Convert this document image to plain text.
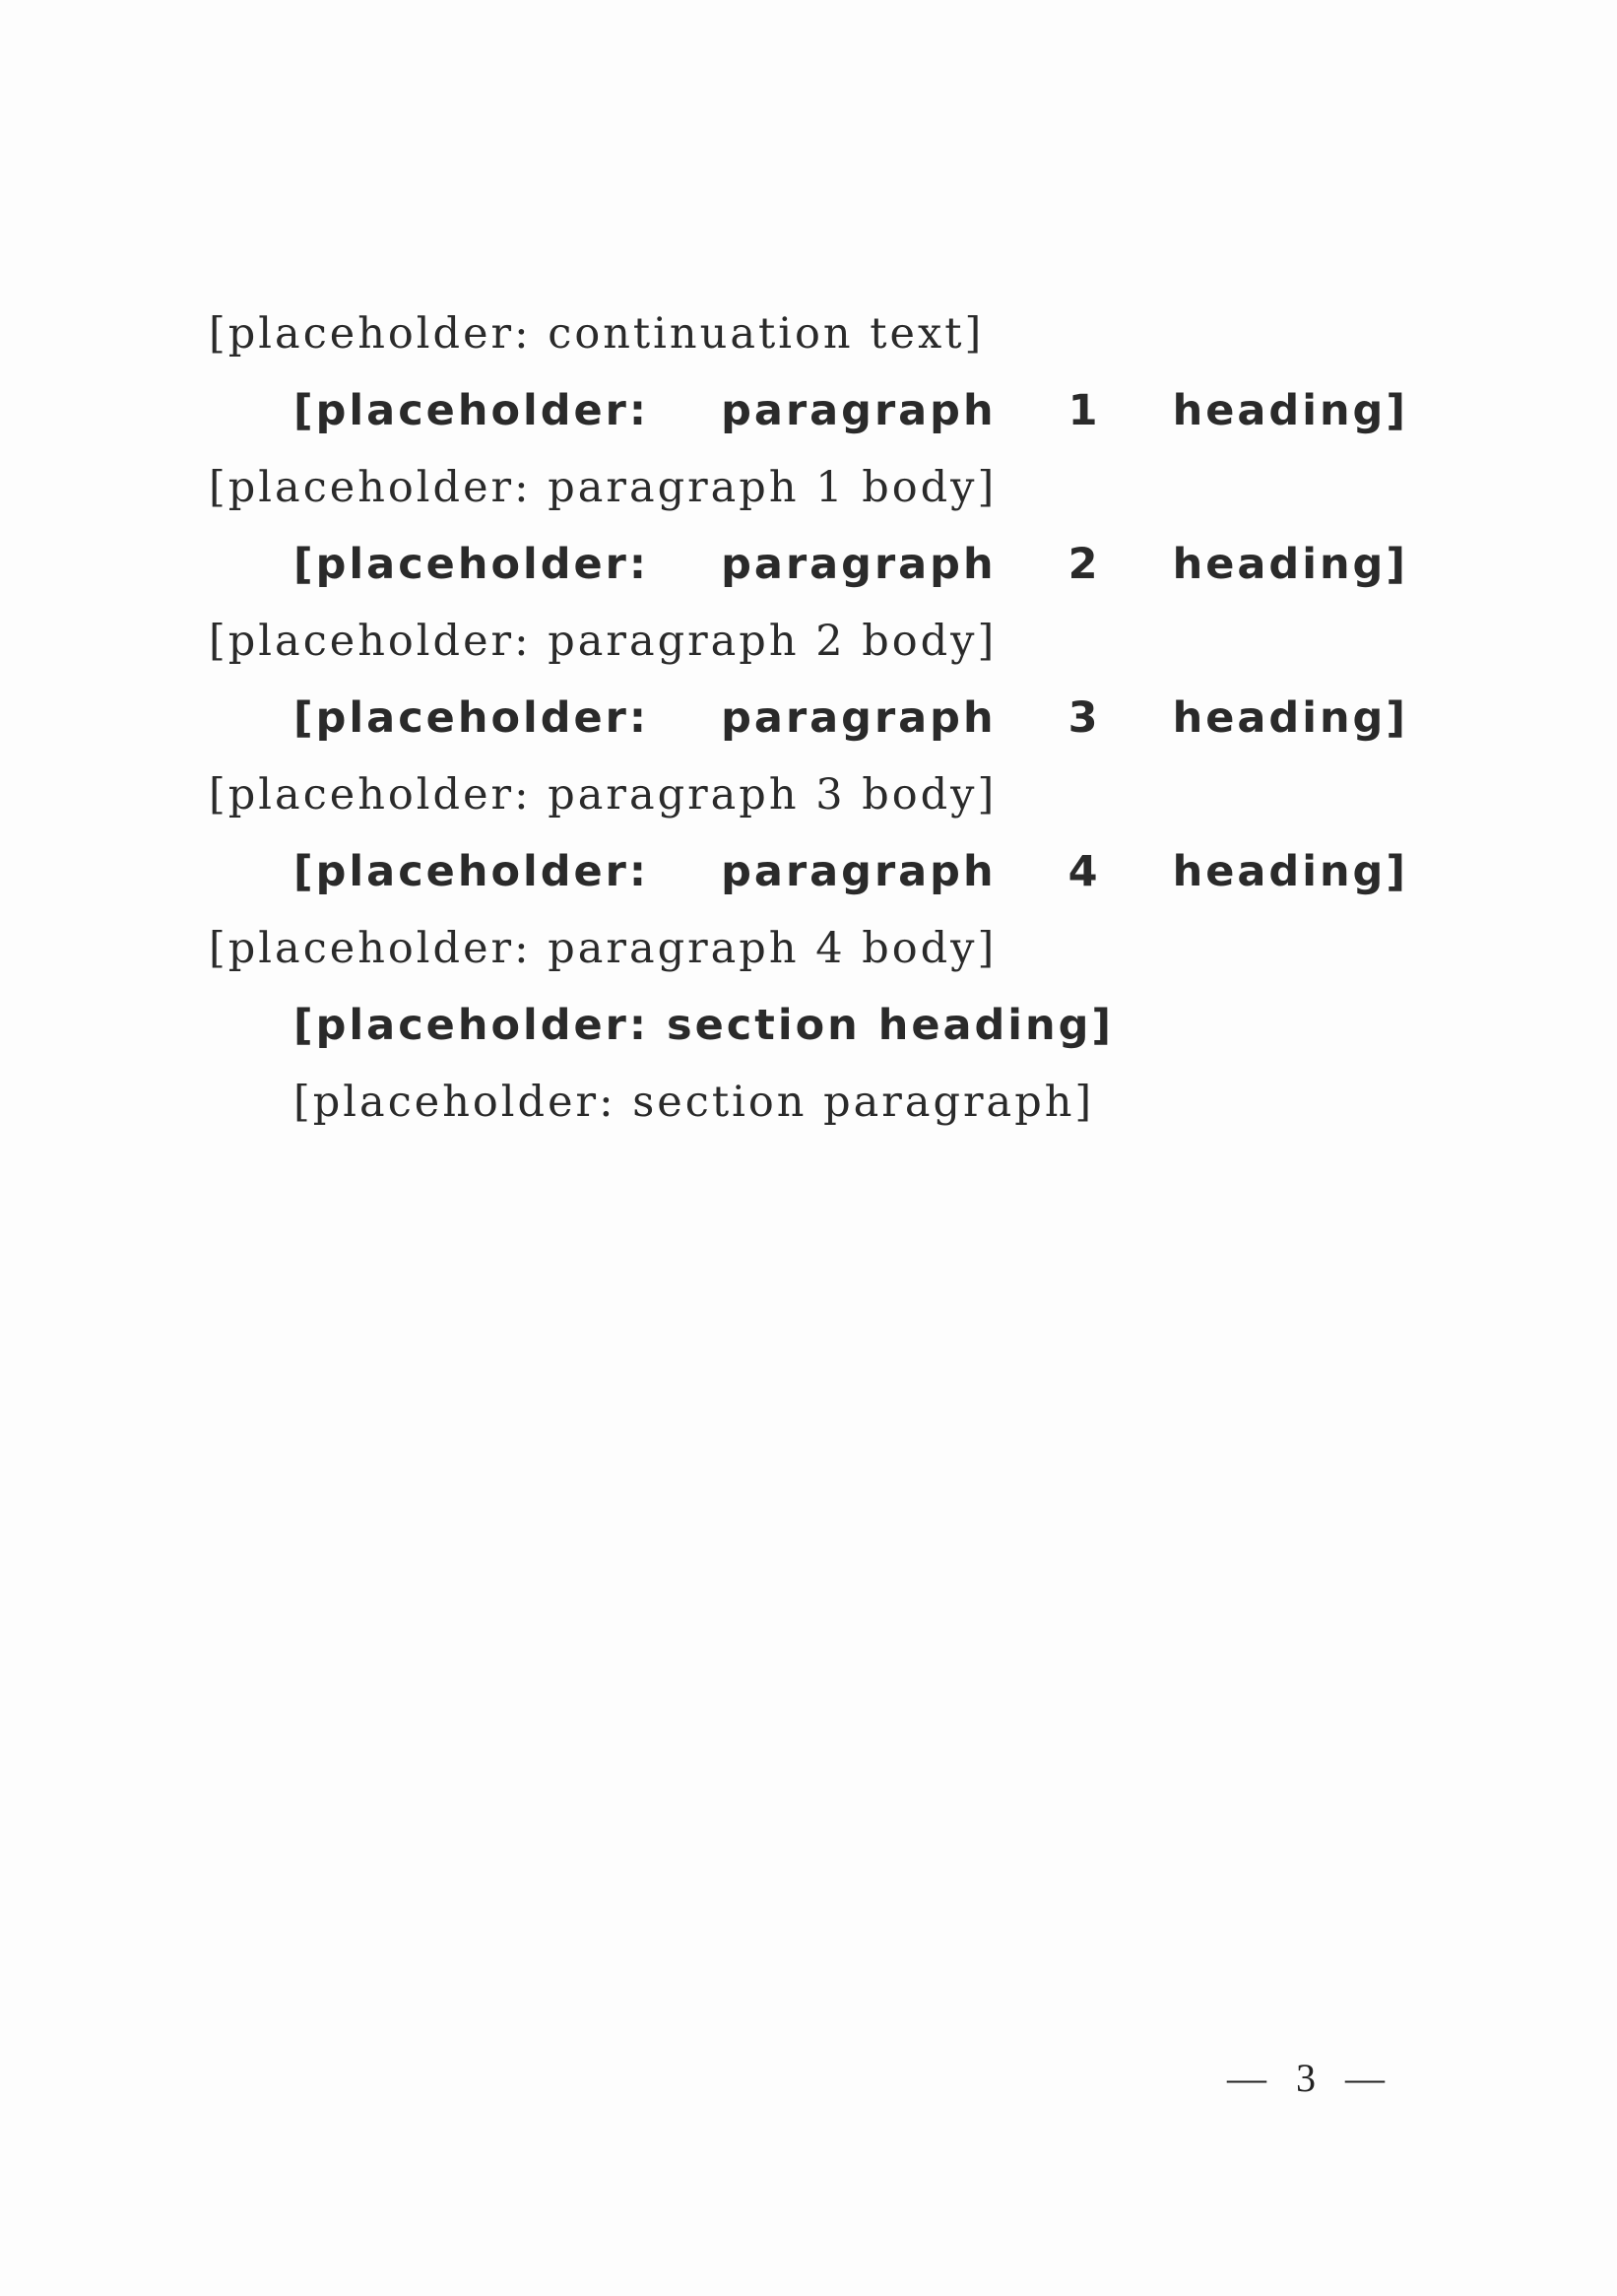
[placeholder: continuation text]

[placeholder: paragraph 1 heading][placeholder: paragraph 1 body]

[placeholder: paragraph 2 heading][placeholder: paragraph 2 body]

[placeholder: paragraph 3 heading][placeholder: paragraph 3 body]

[placeholder: paragraph 4 heading][placeholder: paragraph 4 body]

[placeholder: section heading]

[placeholder: section paragraph]

— 3 —
